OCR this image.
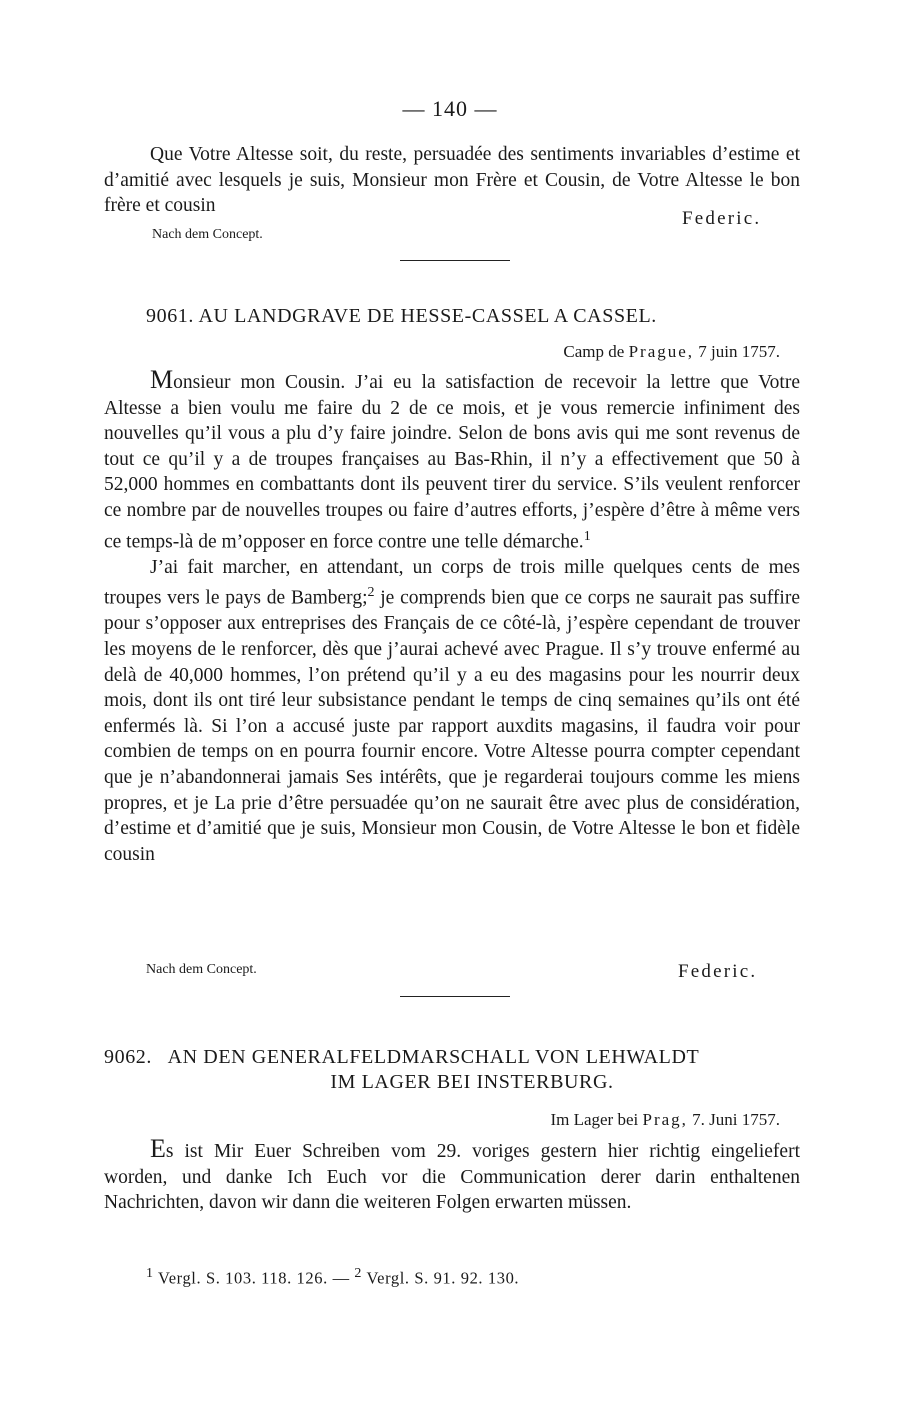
— 140 —

Que Votre Altesse soit, du reste, persuadée des sentiments invariables d’estime et d’amitié avec lesquels je suis, Monsieur mon Frère et Cousin, de Votre Altesse le bon frère et cousin

Federic.
Nach dem Concept.
9061. AU LANDGRAVE DE HESSE-CASSEL A CASSEL.
Camp de Prague, 7 juin 1757.

Monsieur mon Cousin. J’ai eu la satisfaction de recevoir la lettre que Votre Altesse a bien voulu me faire du 2 de ce mois, et je vous remercie infiniment des nouvelles qu’il vous a plu d’y faire joindre. Selon de bons avis qui me sont revenus de tout ce qu’il y a de troupes françaises au Bas-Rhin, il n’y a effectivement que 50 à 52,000 hommes en combattants dont ils peuvent tirer du service. S’ils veulent renforcer ce nombre par de nouvelles troupes ou faire d’autres efforts, j’espère d’être à même vers ce temps-là de m’opposer en force contre une telle démarche.$^1$

J’ai fait marcher, en attendant, un corps de trois mille quelques cents de mes troupes vers le pays de Bamberg;$^2$ je comprends bien que ce corps ne saurait pas suffire pour s’opposer aux entreprises des Français de ce côté-là, j’espère cependant de trouver les moyens de le renforcer, dès que j’aurai achevé avec Prague. Il s’y trouve enfermé au delà de 40,000 hommes, l’on prétend qu’il y a eu des magasins pour les nourrir deux mois, dont ils ont tiré leur subsistance pendant le temps de cinq semaines qu’ils ont été enfermés là. Si l’on a accusé juste par rapport auxdits magasins, il faudra voir pour combien de temps on en pourra fournir encore. Votre Altesse pourra compter cependant que je n’abandonnerai jamais Ses intérêts, que je regarderai toujours comme les miens propres, et je La prie d’être persuadée qu’on ne saurait être avec plus de considération, d’estime et d’amitié que je suis, Monsieur mon Cousin, de Votre Altesse le bon et fidèle cousin

Nach dem Concept.	Federic.
9062. AN DEN GENERALFELDMARSCHALL VON LEHWALDT
IM LAGER BEI INSTERBURG.
Im Lager bei Prag, 7. Juni 1757.

Es ist Mir Euer Schreiben vom 29. voriges gestern hier richtig eingeliefert worden, und danke Ich Euch vor die Communication derer darin enthaltenen Nachrichten, davon wir dann die weiteren Folgen erwarten müssen.

$^1$ Vergl. S. 103. 118. 126. — $^2$ Vergl. S. 91. 92. 130.
